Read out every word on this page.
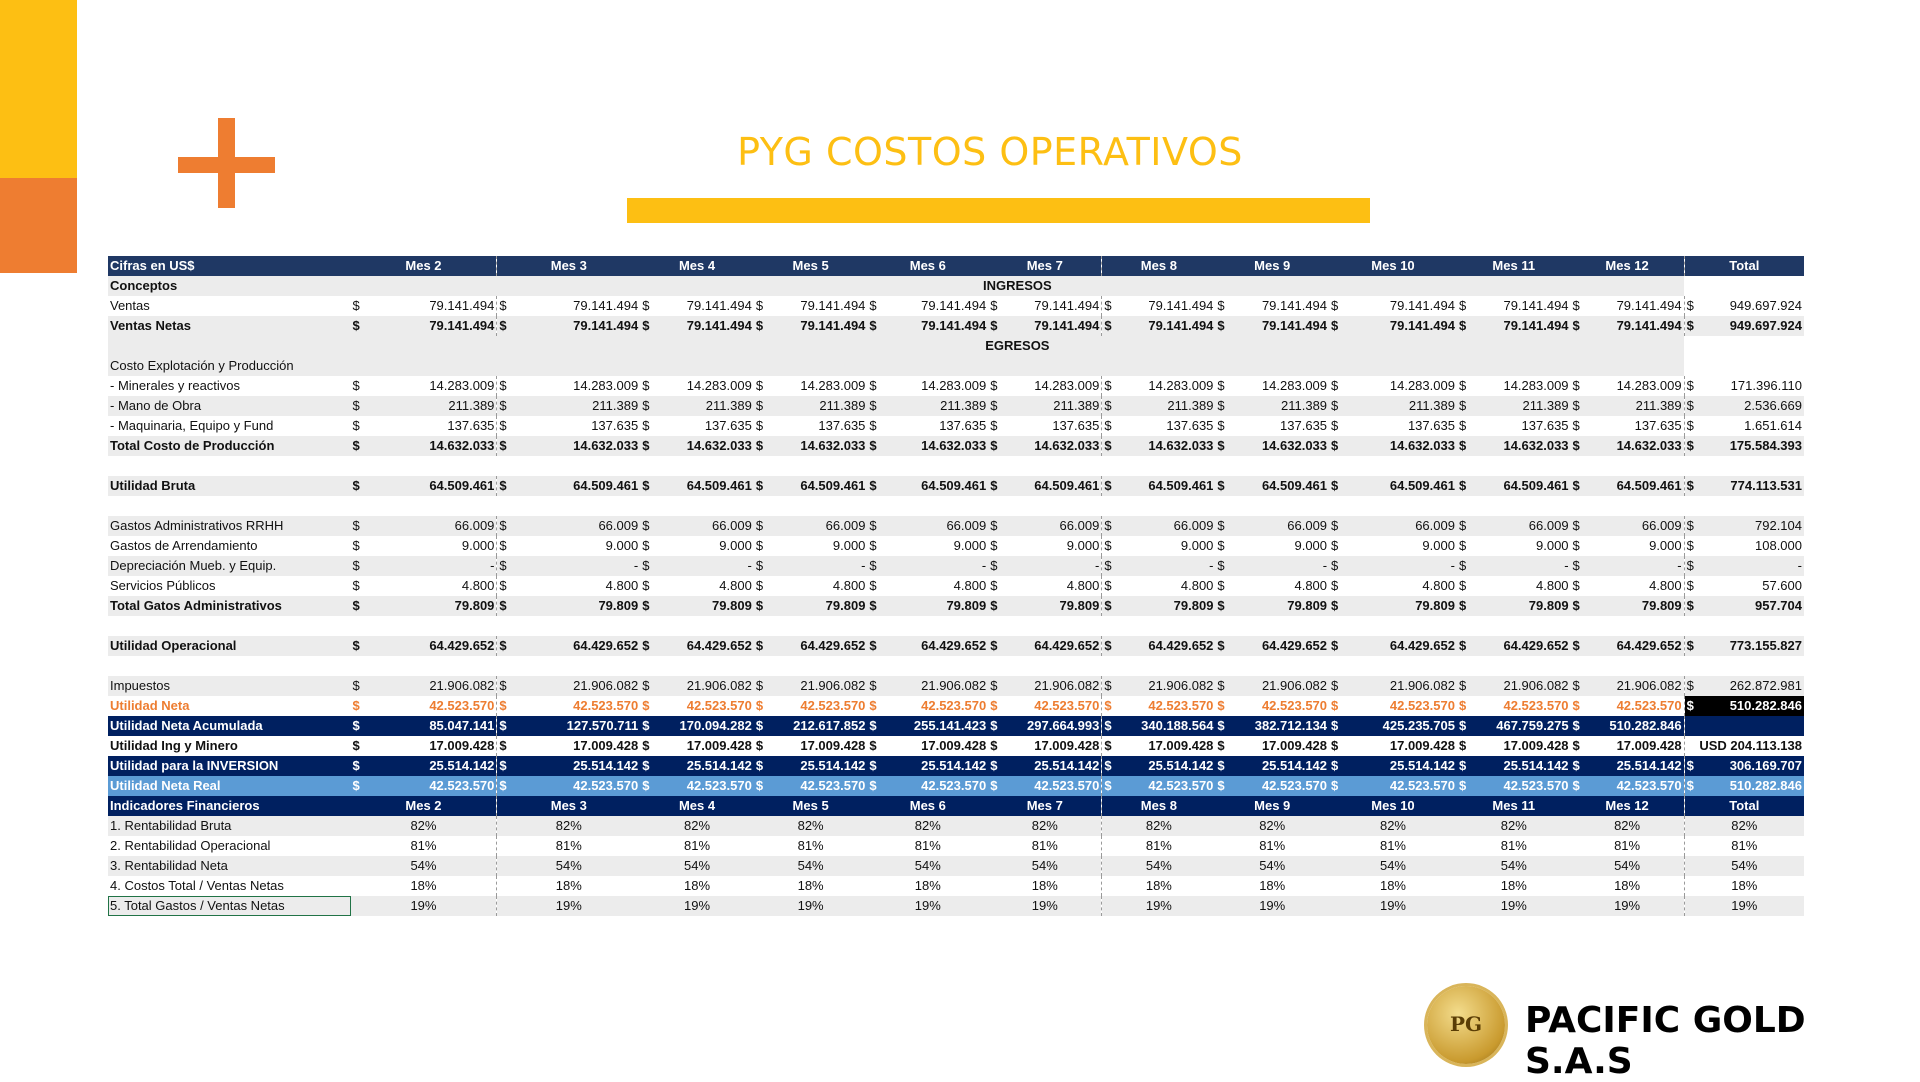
PYG COSTOS OPERATIVOS
Cifras en US$	Mes 2		Mes 3		Mes 4		Mes 5		Mes 6		Mes 7		Mes 8		Mes 9		Mes 10		Mes 11		Mes 12		Total	
Conceptos	INGRESOS																							
Ventas	$	79.141.494	$	79.141.494	$	79.141.494	$	79.141.494	$	79.141.494	$	79.141.494	$	79.141.494	$	79.141.494	$	79.141.494	$	79.141.494	$	79.141.494	$	949.697.924
Ventas Netas	$	79.141.494	$	79.141.494	$	79.141.494	$	79.141.494	$	79.141.494	$	79.141.494	$	79.141.494	$	79.141.494	$	79.141.494	$	79.141.494	$	79.141.494	$	949.697.924
	EGRESOS																							
Costo Explotación y Producción																								
- Minerales y reactivos	$	14.283.009	$	14.283.009	$	14.283.009	$	14.283.009	$	14.283.009	$	14.283.009	$	14.283.009	$	14.283.009	$	14.283.009	$	14.283.009	$	14.283.009	$	171.396.110
- Mano de Obra	$	211.389	$	211.389	$	211.389	$	211.389	$	211.389	$	211.389	$	211.389	$	211.389	$	211.389	$	211.389	$	211.389	$	2.536.669
- Maquinaria, Equipo y Fund	$	137.635	$	137.635	$	137.635	$	137.635	$	137.635	$	137.635	$	137.635	$	137.635	$	137.635	$	137.635	$	137.635	$	1.651.614
Total Costo de Producción	$	14.632.033	$	14.632.033	$	14.632.033	$	14.632.033	$	14.632.033	$	14.632.033	$	14.632.033	$	14.632.033	$	14.632.033	$	14.632.033	$	14.632.033	$	175.584.393

Utilidad Bruta	$	64.509.461	$	64.509.461	$	64.509.461	$	64.509.461	$	64.509.461	$	64.509.461	$	64.509.461	$	64.509.461	$	64.509.461	$	64.509.461	$	64.509.461	$	774.113.531

Gastos Administrativos RRHH	$	66.009	$	66.009	$	66.009	$	66.009	$	66.009	$	66.009	$	66.009	$	66.009	$	66.009	$	66.009	$	66.009	$	792.104
Gastos de Arrendamiento	$	9.000	$	9.000	$	9.000	$	9.000	$	9.000	$	9.000	$	9.000	$	9.000	$	9.000	$	9.000	$	9.000	$	108.000
Depreciación Mueb. y Equip.	$	-	$	-	$	-	$	-	$	-	$	-	$	-	$	-	$	-	$	-	$	-	$	-
Servicios Públicos	$	4.800	$	4.800	$	4.800	$	4.800	$	4.800	$	4.800	$	4.800	$	4.800	$	4.800	$	4.800	$	4.800	$	57.600
Total Gatos Administrativos	$	79.809	$	79.809	$	79.809	$	79.809	$	79.809	$	79.809	$	79.809	$	79.809	$	79.809	$	79.809	$	79.809	$	957.704

Utilidad Operacional	$	64.429.652	$	64.429.652	$	64.429.652	$	64.429.652	$	64.429.652	$	64.429.652	$	64.429.652	$	64.429.652	$	64.429.652	$	64.429.652	$	64.429.652	$	773.155.827

Impuestos	$	21.906.082	$	21.906.082	$	21.906.082	$	21.906.082	$	21.906.082	$	21.906.082	$	21.906.082	$	21.906.082	$	21.906.082	$	21.906.082	$	21.906.082	$	262.872.981
Utilidad Neta	$	42.523.570	$	42.523.570	$	42.523.570	$	42.523.570	$	42.523.570	$	42.523.570	$	42.523.570	$	42.523.570	$	42.523.570	$	42.523.570	$	42.523.570	$	510.282.846
Utilidad Neta Acumulada	$	85.047.141	$	127.570.711	$	170.094.282	$	212.617.852	$	255.141.423	$	297.664.993	$	340.188.564	$	382.712.134	$	425.235.705	$	467.759.275	$	510.282.846		
Utilidad Ing y Minero	$	17.009.428	$	17.009.428	$	17.009.428	$	17.009.428	$	17.009.428	$	17.009.428	$	17.009.428	$	17.009.428	$	17.009.428	$	17.009.428	$	17.009.428	USD 204.113.138	
Utilidad para la INVERSION	$	25.514.142	$	25.514.142	$	25.514.142	$	25.514.142	$	25.514.142	$	25.514.142	$	25.514.142	$	25.514.142	$	25.514.142	$	25.514.142	$	25.514.142	$	306.169.707
Utilidad Neta Real	$	42.523.570	$	42.523.570	$	42.523.570	$	42.523.570	$	42.523.570	$	42.523.570	$	42.523.570	$	42.523.570	$	42.523.570	$	42.523.570	$	42.523.570	$	510.282.846
Indicadores Financieros	Mes 2		Mes 3		Mes 4		Mes 5		Mes 6		Mes 7		Mes 8		Mes 9		Mes 10		Mes 11		Mes 12		Total	
1. Rentabilidad Bruta	82%		82%		82%		82%		82%		82%		82%		82%		82%		82%		82%		82%	
2. Rentabilidad Operacional	81%		81%		81%		81%		81%		81%		81%		81%		81%		81%		81%		81%	
3. Rentabilidad Neta	54%		54%		54%		54%		54%		54%		54%		54%		54%		54%		54%		54%	
4. Costos Total / Ventas Netas	18%		18%		18%		18%		18%		18%		18%		18%		18%		18%		18%		18%	
5. Total Gastos / Ventas Netas	19%		19%		19%		19%		19%		19%		19%		19%		19%		19%		19%		19%	
PG	PACIFIC GOLD S.A.S
